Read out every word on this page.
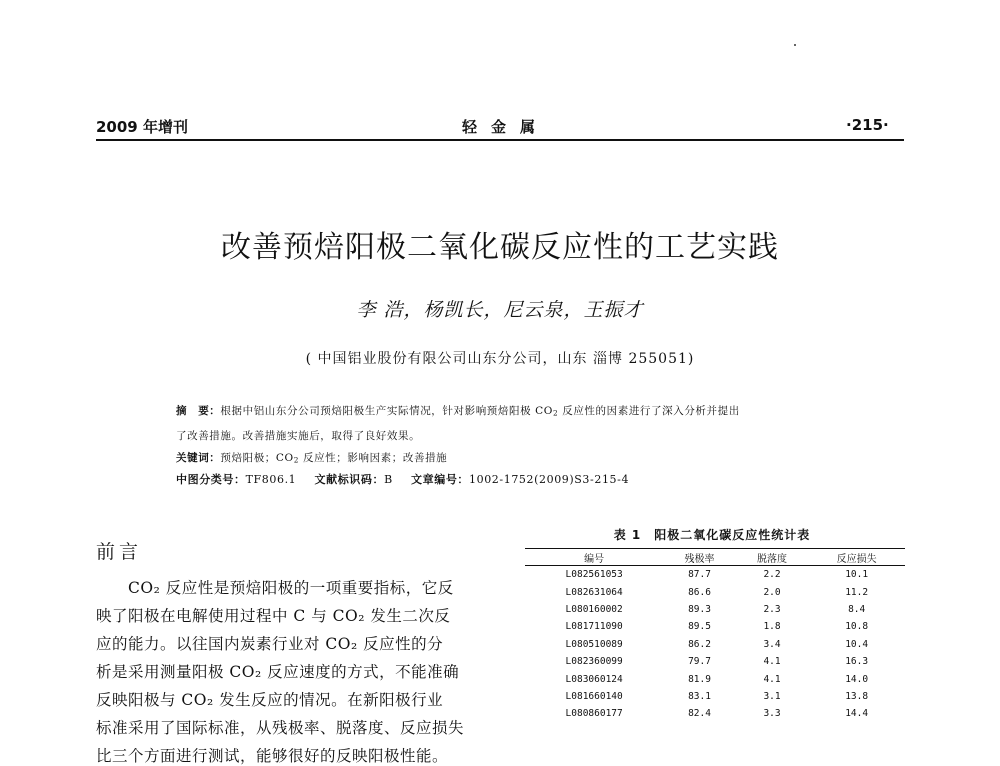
2009 年增刊	轻金属	·215·
改善预焙阳极二氧化碳反应性的工艺实践
李 浩，杨凯长，尼云泉，王振才
( 中国铝业股份有限公司山东分公司，山东 淄博 255051)
摘　要：根据中铝山东分公司预焙阳极生产实际情况，针对影响预焙阳极 $CO_2$ 反应性的因素进行了深入分析并提出
了改善措施。改善措施实施后，取得了良好效果。
关键词：预焙阳极；$CO_2$ 反应性；影响因素；改善措施
中图分类号：TF806.1 文献标识码：B 文章编号：1002-1752(2009)S3-215-4
前言
　　CO₂ 反应性是预焙阳极的一项重要指标，它反
映了阳极在电解使用过程中 C 与 CO₂ 发生二次反
应的能力。以往国内炭素行业对 CO₂ 反应性的分
析是采用测量阳极 CO₂ 反应速度的方式，不能准确
反映阳极与 CO₂ 发生反应的情况。在新阳极行业
标准采用了国际标准，从残极率、脱落度、反应损失
比三个方面进行测试，能够很好的反映阳极性能。
表 1　阳极二氧化碳反应性统计表
编号	残极率	脱落度	反应损失
L082561053	87.7	2.2	10.1
L082631064	86.6	2.0	11.2
L080160002	89.3	2.3	8.4
L081711090	89.5	1.8	10.8
L080510089	86.2	3.4	10.4
L082360099	79.7	4.1	16.3
L083060124	81.9	4.1	14.0
L081660140	83.1	3.1	13.8
L080860177	82.4	3.3	14.4
